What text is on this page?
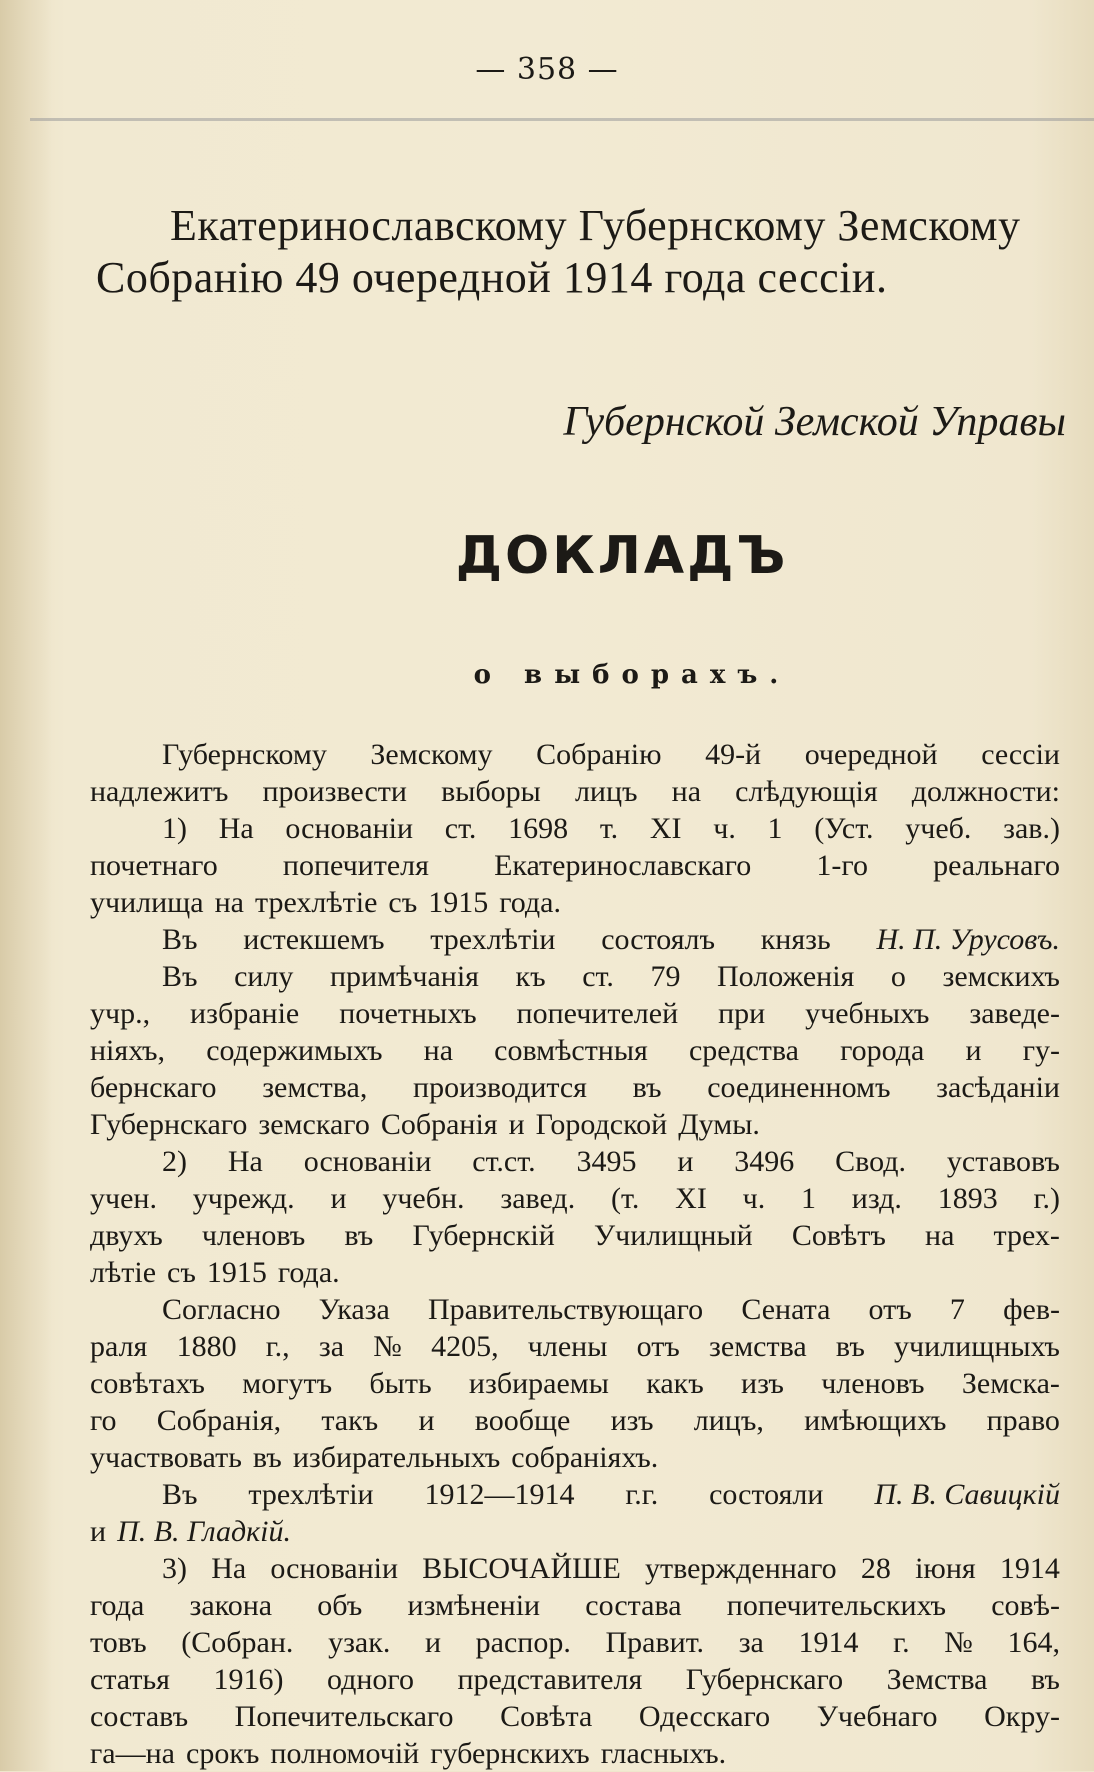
— 358 —
Екатеринославскому Губернскому Земскому
Собранію 49 очередной 1914 года сессіи.
Губернской Земской Управы
ДОКЛАДЪ
о выборахъ.
Губернскому Земскому Собранію 49-й очередной сессіи
надлежитъ произвести выборы лицъ на слѣдующія должности:
1) На основаніи ст. 1698 т. XI ч. 1 (Уст. учеб. зав.)
почетнаго попечителя Екатеринославскаго 1-го реальнаго
училища на трехлѣтіе съ 1915 года.
Въ истекшемъ трехлѣтіи состоялъ князь Н. П. Урусовъ.
Въ силу примѣчанія къ ст. 79 Положенія о земскихъ
учр., избраніе почетныхъ попечителей при учебныхъ заведе-
ніяхъ, содержимыхъ на совмѣстныя средства города и гу-
бернскаго земства, производится въ соединенномъ засѣданіи
Губернскаго земскаго Собранія и Городской Думы.
2) На основаніи ст.ст. 3495 и 3496 Свод. уставовъ
учен. учрежд. и учебн. завед. (т. XI ч. 1 изд. 1893 г.)
двухъ членовъ въ Губернскій Училищный Совѣтъ на трех-
лѣтіе съ 1915 года.
Согласно Указа Правительствующаго Сената отъ 7 фев-
раля 1880 г., за № 4205, члены отъ земства въ училищныхъ
совѣтахъ могутъ быть избираемы какъ изъ членовъ Земска-
го Собранія, такъ и вообще изъ лицъ, имѣющихъ право
участвовать въ избирательныхъ собраніяхъ.
Въ трехлѣтіи 1912—1914 г.г. состояли П. В. Савицкій
и П. В. Гладкій.
3) На основаніи ВЫСОЧАЙШЕ утвержденнаго 28 іюня 1914
года закона объ измѣненіи состава попечительскихъ совѣ-
товъ (Собран. узак. и распор. Правит. за 1914 г. № 164,
статья 1916) одного представителя Губернскаго Земства въ
составъ Попечительскаго Совѣта Одесскаго Учебнаго Окру-
га—на срокъ полномочій губернскихъ гласныхъ.
